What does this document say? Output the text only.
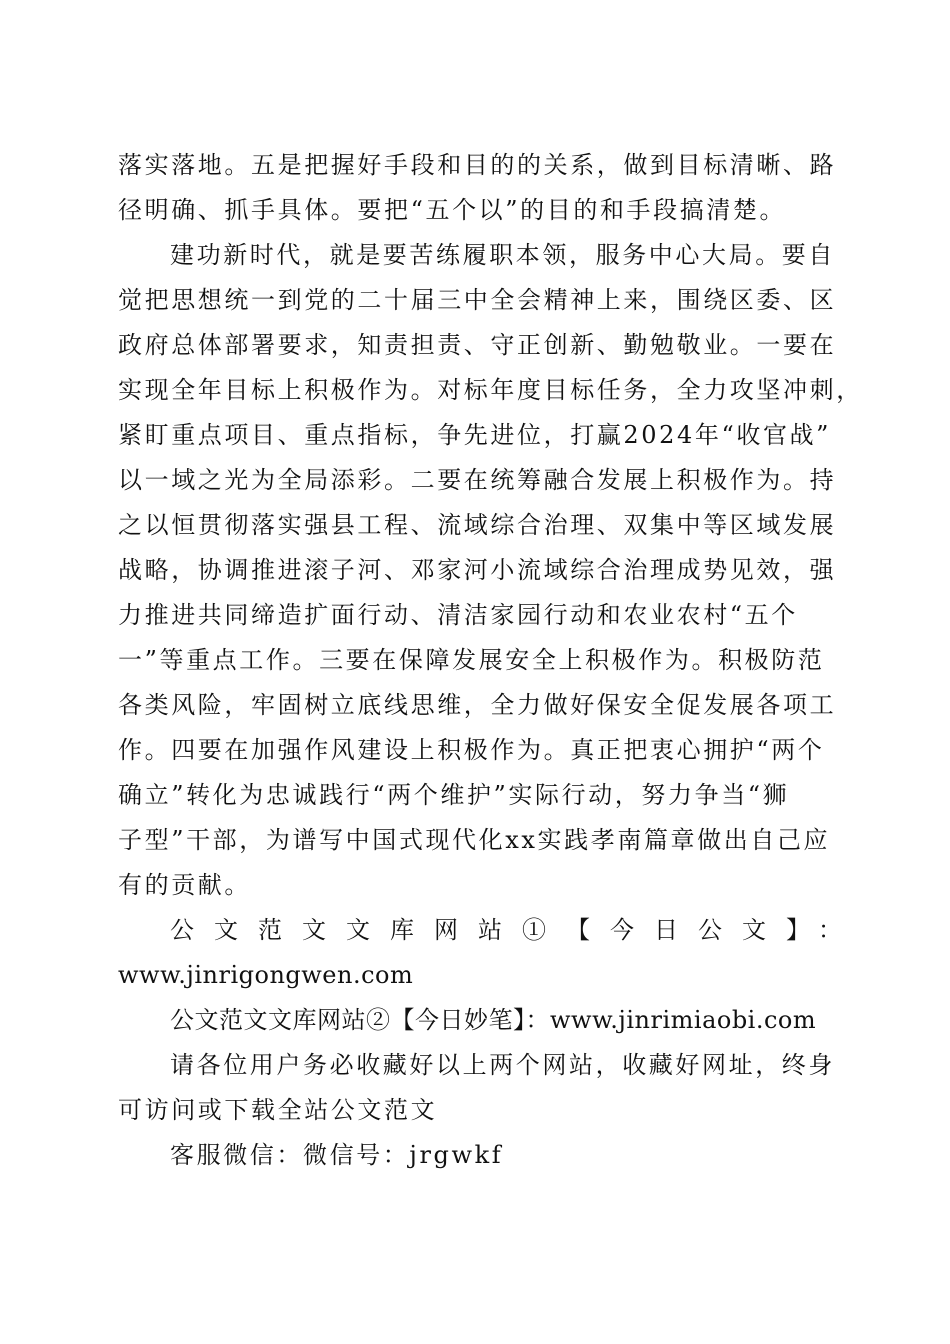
落实落地。五是把握好手段和目的的关系，做到目标清晰、路
径明确、抓手具体。要把“五个以”的目的和手段搞清楚。
建功新时代，就是要苦练履职本领，服务中心大局。要自
觉把思想统一到党的二十届三中全会精神上来，围绕区委、区
政府总体部署要求，知责担责、守正创新、勤勉敬业。一要在
实现全年目标上积极作为。对标年度目标任务，全力攻坚冲刺，
紧盯重点项目、重点指标，争先进位，打赢2024年“收官战”
以一域之光为全局添彩。二要在统筹融合发展上积极作为。持
之以恒贯彻落实强县工程、流域综合治理、双集中等区域发展
战略，协调推进滚子河、邓家河小流域综合治理成势见效，强
力推进共同缔造扩面行动、清洁家园行动和农业农村“五个
一”等重点工作。三要在保障发展安全上积极作为。积极防范
各类风险，牢固树立底线思维，全力做好保安全促发展各项工
作。四要在加强作风建设上积极作为。真正把衷心拥护“两个
确立”转化为忠诚践行“两个维护”实际行动，努力争当“狮
子型”干部，为谱写中国式现代化xx实践孝南篇章做出自己应
有的贡献。
公文范文文库网站①【今日公文】：
www.jinrigongwen.com
公文范文文库网站②【今日妙笔】：www.jinrimiaobi.com
请各位用户务必收藏好以上两个网站，收藏好网址，终身
可访问或下载全站公文范文
客服微信：微信号：jrgwkf
